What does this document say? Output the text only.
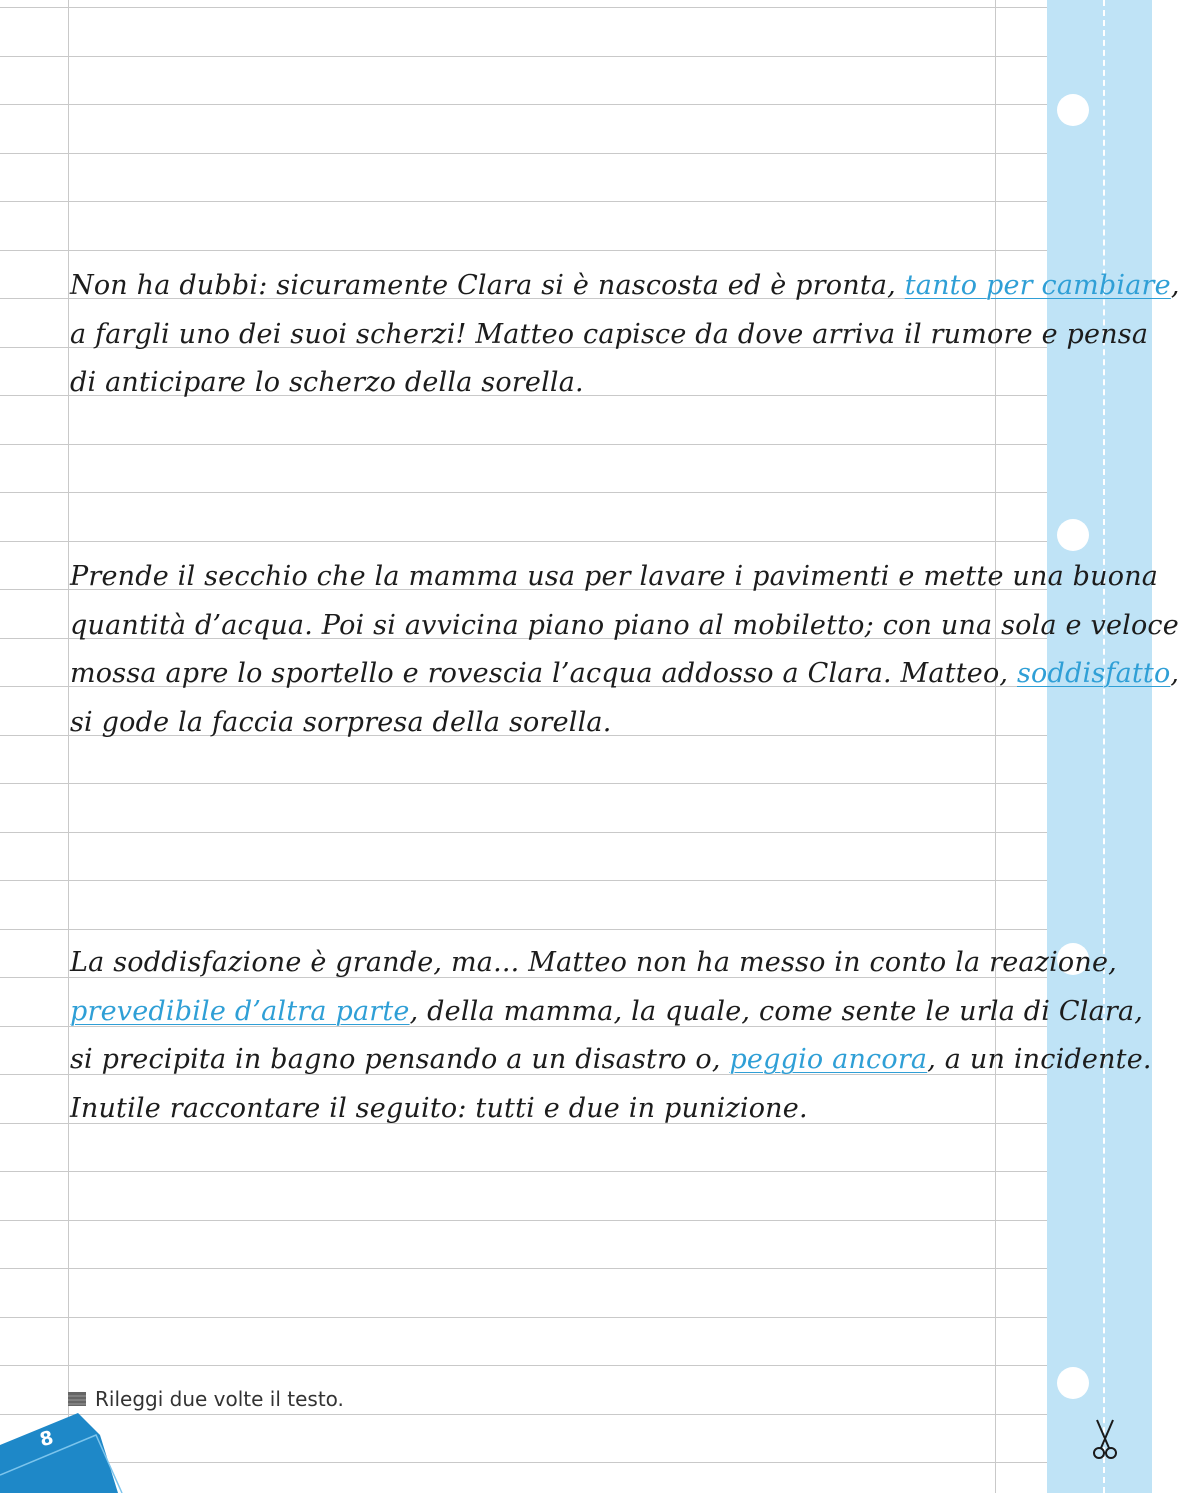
Non ha dubbi: sicuramente Clara si è nascosta ed è pronta, tanto per cambiare,
a fargli uno dei suoi scherzi! Matteo capisce da dove arriva il rumore e pensa
di anticipare lo scherzo della sorella.
Prende il secchio che la mamma usa per lavare i pavimenti e mette una buona
quantità d’acqua. Poi si avvicina piano piano al mobiletto; con una sola e veloce
mossa apre lo sportello e rovescia l’acqua addosso a Clara. Matteo, soddisfatto,
si gode la faccia sorpresa della sorella.
La soddisfazione è grande, ma... Matteo non ha messo in conto la reazione,
prevedibile d’altra parte, della mamma, la quale, come sente le urla di Clara,
si precipita in bagno pensando a un disastro o, peggio ancora, a un incidente.
Inutile raccontare il seguito: tutti e due in punizione.
Rileggi due volte il testo.
8
